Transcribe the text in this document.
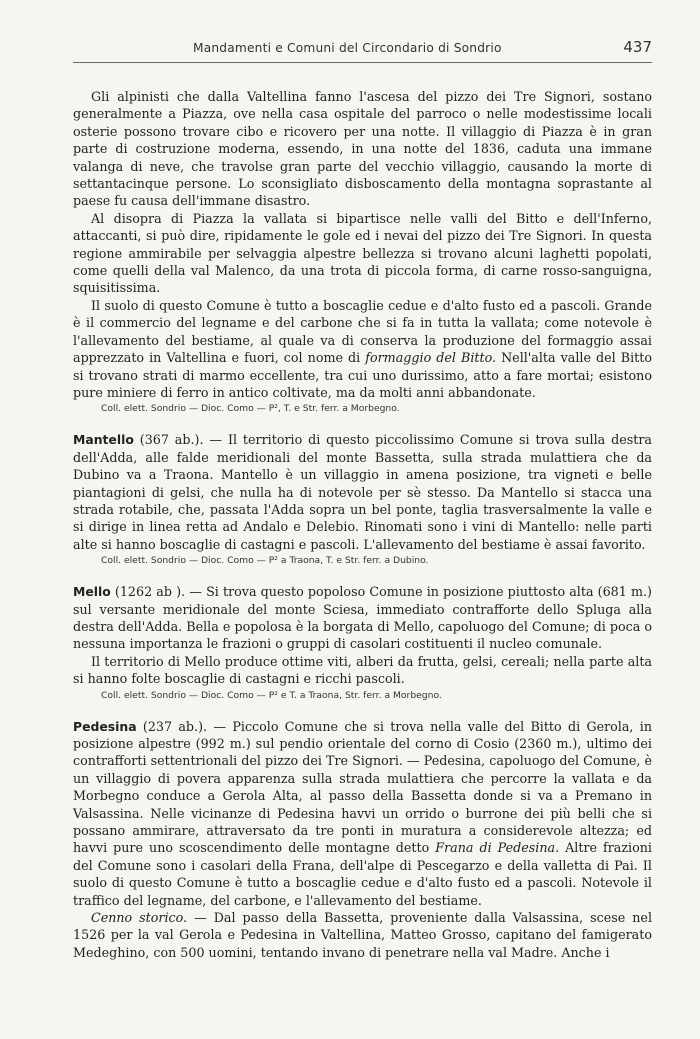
Mandamenti e Comuni del Circondario di Sondrio	437

Gli alpinisti che dalla Valtellina fanno l'ascesa del pizzo dei Tre Signori, sostano generalmente a Piazza, ove nella casa ospitale del parroco o nelle modestissime locali osterie possono trovare cibo e ricovero per una notte. Il villaggio di Piazza è in gran parte di costruzione moderna, essendo, in una notte del 1836, caduta una immane valanga di neve, che travolse gran parte del vecchio villaggio, causando la morte di settantacinque persone. Lo sconsigliato disboscamento della montagna soprastante al paese fu causa dell'immane disastro.

Al disopra di Piazza la vallata si bipartisce nelle valli del Bitto e dell'Inferno, attaccanti, si può dire, ripidamente le gole ed i nevai del pizzo dei Tre Signori. In questa regione ammirabile per selvaggia alpestre bellezza si trovano alcuni laghetti popolati, come quelli della val Malenco, da una trota di piccola forma, di carne rosso-sanguigna, squisitissima.

Il suolo di questo Comune è tutto a boscaglie cedue e d'alto fusto ed a pascoli. Grande è il commercio del legname e del carbone che si fa in tutta la vallata; come notevole è l'allevamento del bestiame, al quale va di conserva la produzione del formaggio assai apprezzato in Valtellina e fuori, col nome di formaggio del Bitto. Nell'alta valle del Bitto si trovano strati di marmo eccellente, tra cui uno durissimo, atto a fare mortai; esistono pure miniere di ferro in antico coltivate, ma da molti anni abbandonate.

Coll. elett. Sondrio — Dioc. Como — P², T. e Str. ferr. a Morbegno.

Mantello (367 ab.). — Il territorio di questo piccolissimo Comune si trova sulla destra dell'Adda, alle falde meridionali del monte Bassetta, sulla strada mulattiera che da Dubino va a Traona. Mantello è un villaggio in amena posizione, tra vigneti e belle piantagioni di gelsi, che nulla ha di notevole per sè stesso. Da Mantello si stacca una strada rotabile, che, passata l'Adda sopra un bel ponte, taglia trasversalmente la valle e si dirige in linea retta ad Andalo e Delebio. Rinomati sono i vini di Mantello: nelle parti alte si hanno boscaglie di castagni e pascoli. L'allevamento del bestiame è assai favorito.

Coll. elett. Sondrio — Dioc. Como — P² a Traona, T. e Str. ferr. a Dubino.

Mello (1262 ab ). — Si trova questo popoloso Comune in posizione piuttosto alta (681 m.) sul versante meridionale del monte Sciesa, immediato contrafforte dello Spluga alla destra dell'Adda. Bella e popolosa è la borgata di Mello, capoluogo del Comune; di poca o nessuna importanza le frazioni o gruppi di casolari costituenti il nucleo comunale.

Il territorio di Mello produce ottime viti, alberi da frutta, gelsi, cereali; nella parte alta si hanno folte boscaglie di castagni e ricchi pascoli.

Coll. elett. Sondrio — Dioc. Como — P² e T. a Traona, Str. ferr. a Morbegno.

Pedesina (237 ab.). — Piccolo Comune che si trova nella valle del Bitto di Gerola, in posizione alpestre (992 m.) sul pendio orientale del corno di Cosio (2360 m.), ultimo dei contrafforti settentrionali del pizzo dei Tre Signori. — Pedesina, capoluogo del Comune, è un villaggio di povera apparenza sulla strada mulattiera che percorre la vallata e da Morbegno conduce a Gerola Alta, al passo della Bassetta donde si va a Premano in Valsassina. Nelle vicinanze di Pedesina havvi un orrido o burrone dei più belli che si possano ammirare, attraversato da tre ponti in muratura a considerevole altezza; ed havvi pure uno scoscendimento delle montagne detto Frana di Pedesina. Altre frazioni del Comune sono i casolari della Frana, dell'alpe di Pescegarzo e della valletta di Pai. Il suolo di questo Comune è tutto a boscaglie cedue e d'alto fusto ed a pascoli. Notevole il traffico del legname, del carbone, e l'allevamento del bestiame.

Cenno storico. — Dal passo della Bassetta, proveniente dalla Valsassina, scese nel 1526 per la val Gerola e Pedesina in Valtellina, Matteo Grosso, capitano del famigerato Medeghino, con 500 uomini, tentando invano di penetrare nella val Madre. Anche i
